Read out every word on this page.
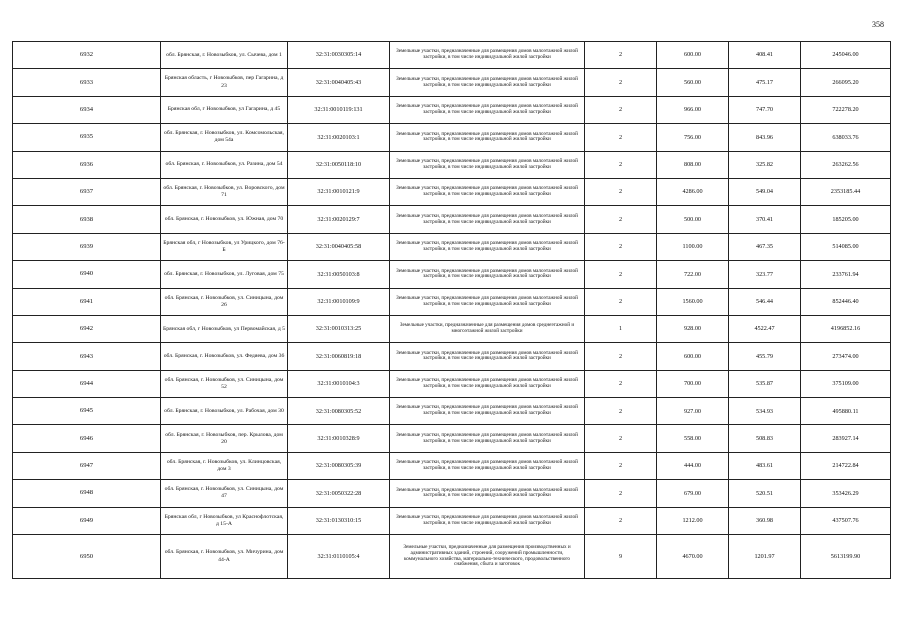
358
6932	обл. Брянская, г. Новозыбков, ул. Сычева, дом 1	32:31:0030305:14	Земельные участки, предназначенные для размещения домов малоэтажной жилой застройки, в том числе индивидуальной жилой застройки	2	600.00	408.41	245046.00
6933	Брянская область, г Новозыбков, пер Гагарина, д 23	32:31:0040405:43	Земельные участки, предназначенные для размещения домов малоэтажной жилой застройки, в том числе индивидуальной жилой застройки	2	560.00	475.17	266095.20
6934	Брянская обл, г Новозыбков, ул Гагарина, д 45	32:31:0010119:131	Земельные участки, предназначенные для размещения домов малоэтажной жилой застройки, в том числе индивидуальной жилой застройки	2	966.00	747.70	722278.20
6935	обл. Брянская, г. Новозыбков, ул. Комсомольская, дом 54а	32:31:0020103:1	Земельные участки, предназначенные для размещения домов малоэтажной жилой застройки, в том числе индивидуальной жилой застройки	2	756.00	843.96	638033.76
6936	обл. Брянская, г. Новозыбков, ул. Разина, дом 54	32:31:0050118:10	Земельные участки, предназначенные для размещения домов малоэтажной жилой застройки, в том числе индивидуальной жилой застройки	2	808.00	325.82	263262.56
6937	обл. Брянская, г. Новозыбков, ул. Воровского, дом 71	32:31:0010121:9	Земельные участки, предназначенные для размещения домов малоэтажной жилой застройки, в том числе индивидуальной жилой застройки	2	4286.00	549.04	2353185.44
6938	обл. Брянская, г. Новозыбков, ул. Южная, дом 70	32:31:0020129:7	Земельные участки, предназначенные для размещения домов малоэтажной жилой застройки, в том числе индивидуальной жилой застройки	2	500.00	370.41	185205.00
6939	Брянская обл, г Новозыбков, ул Урицкого, дом 76-Б	32:31:0040405:58	Земельные участки, предназначенные для размещения домов малоэтажной жилой застройки, в том числе индивидуальной жилой застройки	2	1100.00	467.35	514085.00
6940	обл. Брянская, г. Новозыбков, ул. Луговая, дом 75	32:31:0050103:8	Земельные участки, предназначенные для размещения домов малоэтажной жилой застройки, в том числе индивидуальной жилой застройки	2	722.00	323.77	233761.94
6941	обл. Брянская, г. Новозыбков, ул. Синицына, дом 26	32:31:0010109:9	Земельные участки, предназначенные для размещения домов малоэтажной жилой застройки, в том числе индивидуальной жилой застройки	2	1560.00	546.44	852446.40
6942	Брянская обл, г Новозыбков, ул Первомайская, д 5	32:31:0010313:25	Земельные участки, предназначенные для размещения домов среднеэтажной и многоэтажной жилой застройки	1	928.00	4522.47	4196852.16
6943	обл. Брянская, г. Новозыбков, ул. Федяева, дом 36	32:31:0060819:18	Земельные участки, предназначенные для размещения домов малоэтажной жилой застройки, в том числе индивидуальной жилой застройки	2	600.00	455.79	273474.00
6944	обл. Брянская, г. Новозыбков, ул. Синицына, дом 52	32:31:0010104:3	Земельные участки, предназначенные для размещения домов малоэтажной жилой застройки, в том числе индивидуальной жилой застройки	2	700.00	535.87	375109.00
6945	обл. Брянская, г. Новозыбков, ул. Рабочая, дом 30	32:31:0080305:52	Земельные участки, предназначенные для размещения домов малоэтажной жилой застройки, в том числе индивидуальной жилой застройки	2	927.00	534.93	495880.11
6946	обл. Брянская, г. Новозыбков, пер. Крылова, дом 20	32:31:0010328:9	Земельные участки, предназначенные для размещения домов малоэтажной жилой застройки, в том числе индивидуальной жилой застройки	2	558.00	508.83	283927.14
6947	обл. Брянская, г. Новозыбков, ул. Клинцовская, дом 3	32:31:0080305:39	Земельные участки, предназначенные для размещения домов малоэтажной жилой застройки, в том числе индивидуальной жилой застройки	2	444.00	483.61	214722.84
6948	обл. Брянская, г. Новозыбков, ул. Синицына, дом 47	32:31:0050322:28	Земельные участки, предназначенные для размещения домов малоэтажной жилой застройки, в том числе индивидуальной жилой застройки	2	679.00	520.51	353426.29
6949	Брянская обл, г Новозыбков, ул Краснофлотская, д 15-А	32:31:0130310:15	Земельные участки, предназначенные для размещения домов малоэтажной жилой застройки, в том числе индивидуальной жилой застройки	2	1212.00	360.98	437507.76
6950	обл. Брянская, г. Новозыбков, ул. Мичурина, дом 44-А	32:31:0110105:4	Земельные участки, предназначенные для размещения производственных и административных зданий, строений, сооружений промышленности, коммунального хозяйства, материально-технического, продовольственного снабжения, сбыта и заготовок	9	4670.00	1201.97	5613199.90
